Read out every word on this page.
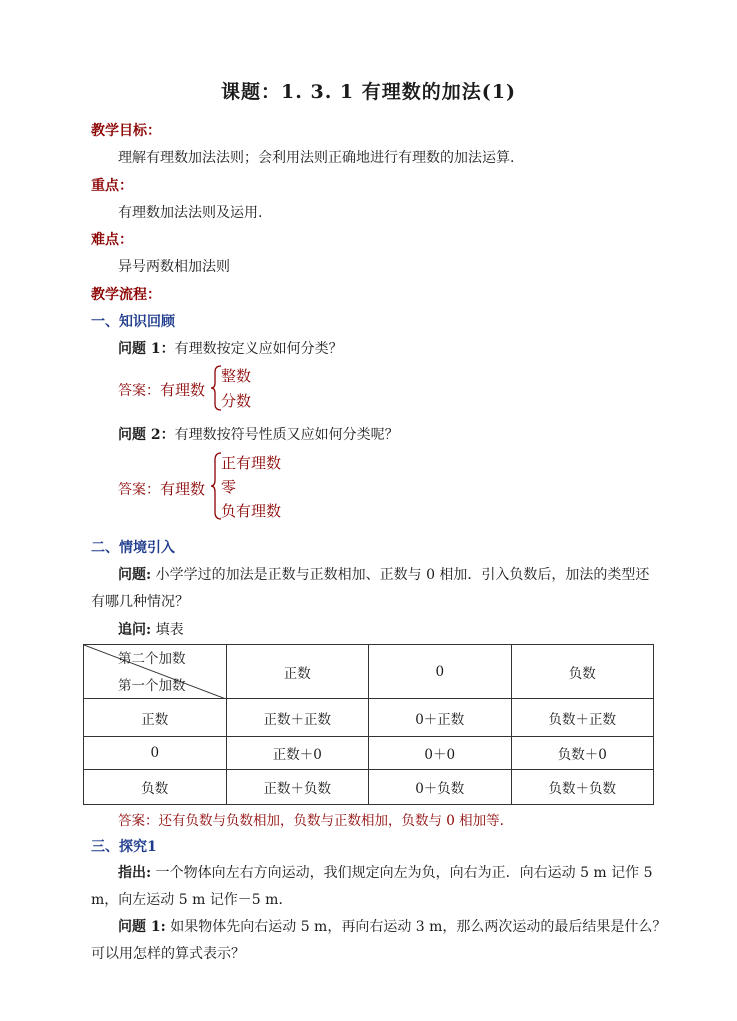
课题：1. 3. 1 有理数的加法(1)
教学目标：
理解有理数加法法则；会利用法则正确地进行有理数的加法运算.
重点：
有理数加法法则及运用.
难点：
异号两数相加法则
教学流程：
一、知识回顾
问题 1：有理数按定义应如何分类？
答案：有理数
整数
分数
问题 2：有理数按符号性质又应如何分类呢？
答案：有理数
正有理数
零
负有理数
二、情境引入
问题: 小学学过的加法是正数与正数相加、正数与 0 相加．引入负数后，加法的类型还
有哪几种情况？
追问: 填表
第二个加数
第一个加数	正数	0	负数
正数	正数＋正数	0＋正数	负数＋正数
0	正数＋0	0＋0	负数＋0
负数	正数＋负数	0＋负数	负数＋负数
答案：还有负数与负数相加，负数与正数相加，负数与 0 相加等.
三、探究1
指出: 一个物体向左右方向运动，我们规定向左为负，向右为正．向右运动 5 m 记作 5
m，向左运动 5 m 记作－5 m．
问题 1: 如果物体先向右运动 5 m，再向右运动 3 m，那么两次运动的最后结果是什么？
可以用怎样的算式表示？
